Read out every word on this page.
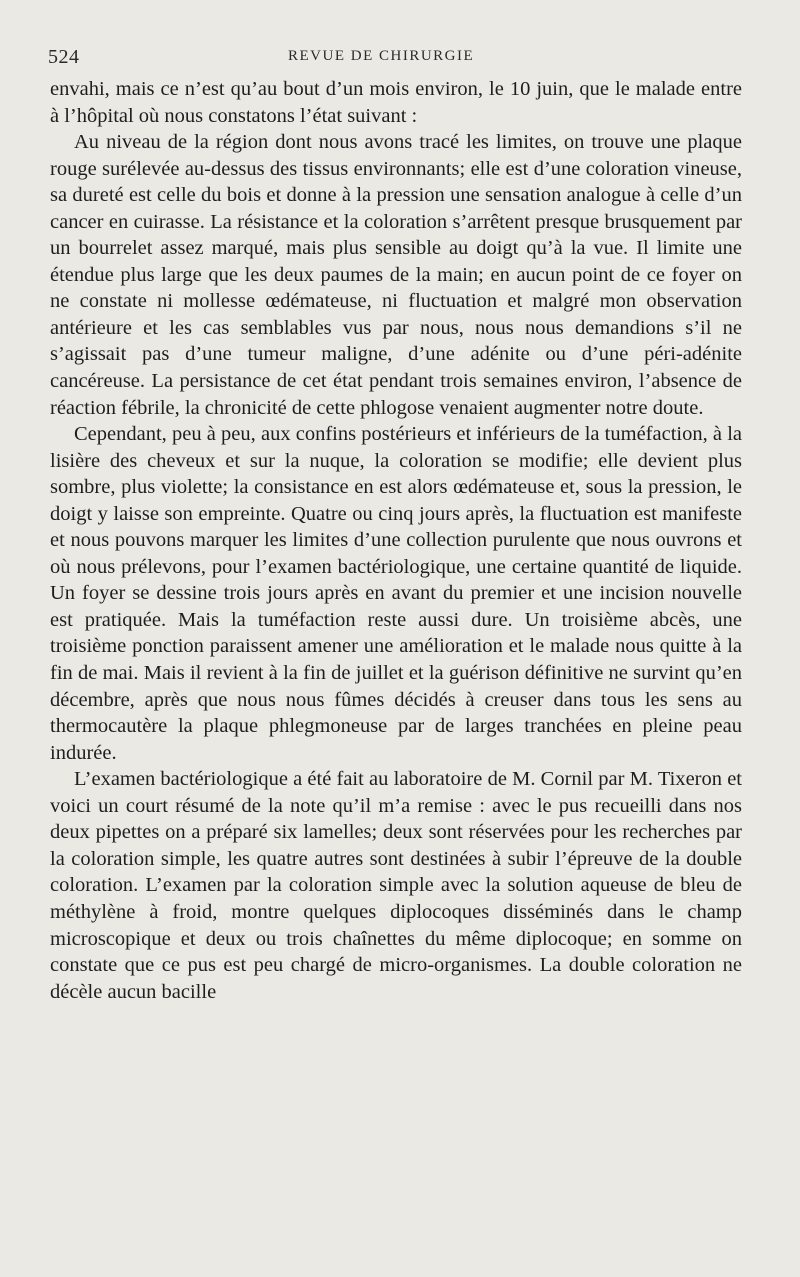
524	REVUE DE CHIRURGIE

envahi, mais ce n’est qu’au bout d’un mois environ, le 10 juin, que le malade entre à l’hôpital où nous constatons l’état suivant :

Au niveau de la région dont nous avons tracé les limites, on trouve une plaque rouge surélevée au-dessus des tissus environnants; elle est d’une coloration vineuse, sa dureté est celle du bois et donne à la pression une sensation analogue à celle d’un cancer en cuirasse. La résistance et la coloration s’arrêtent presque brusquement par un bourrelet assez marqué, mais plus sensible au doigt qu’à la vue. Il limite une étendue plus large que les deux paumes de la main; en aucun point de ce foyer on ne constate ni mollesse œdémateuse, ni fluctuation et malgré mon observation antérieure et les cas semblables vus par nous, nous nous demandions s’il ne s’agissait pas d’une tumeur maligne, d’une adénite ou d’une péri-adénite cancéreuse. La persistance de cet état pendant trois semaines environ, l’absence de réaction fébrile, la chronicité de cette phlogose venaient augmenter notre doute.

Cependant, peu à peu, aux confins postérieurs et inférieurs de la tuméfaction, à la lisière des cheveux et sur la nuque, la coloration se modifie; elle devient plus sombre, plus violette; la consistance en est alors œdémateuse et, sous la pression, le doigt y laisse son empreinte. Quatre ou cinq jours après, la fluctuation est manifeste et nous pouvons marquer les limites d’une collection purulente que nous ouvrons et où nous prélevons, pour l’examen bactériologique, une certaine quantité de liquide. Un foyer se dessine trois jours après en avant du premier et une incision nouvelle est pratiquée. Mais la tuméfaction reste aussi dure. Un troisième abcès, une troisième ponction paraissent amener une amélioration et le malade nous quitte à la fin de mai. Mais il revient à la fin de juillet et la guérison définitive ne survint qu’en décembre, après que nous nous fûmes décidés à creuser dans tous les sens au thermocautère la plaque phlegmoneuse par de larges tranchées en pleine peau indurée.

L’examen bactériologique a été fait au laboratoire de M. Cornil par M. Tixeron et voici un court résumé de la note qu’il m’a remise : avec le pus recueilli dans nos deux pipettes on a préparé six lamelles; deux sont réservées pour les recherches par la coloration simple, les quatre autres sont destinées à subir l’épreuve de la double coloration. L’examen par la coloration simple avec la solution aqueuse de bleu de méthylène à froid, montre quelques diplocoques disséminés dans le champ microscopique et deux ou trois chaînettes du même diplocoque; en somme on constate que ce pus est peu chargé de micro-organismes. La double coloration ne décèle aucun bacille
